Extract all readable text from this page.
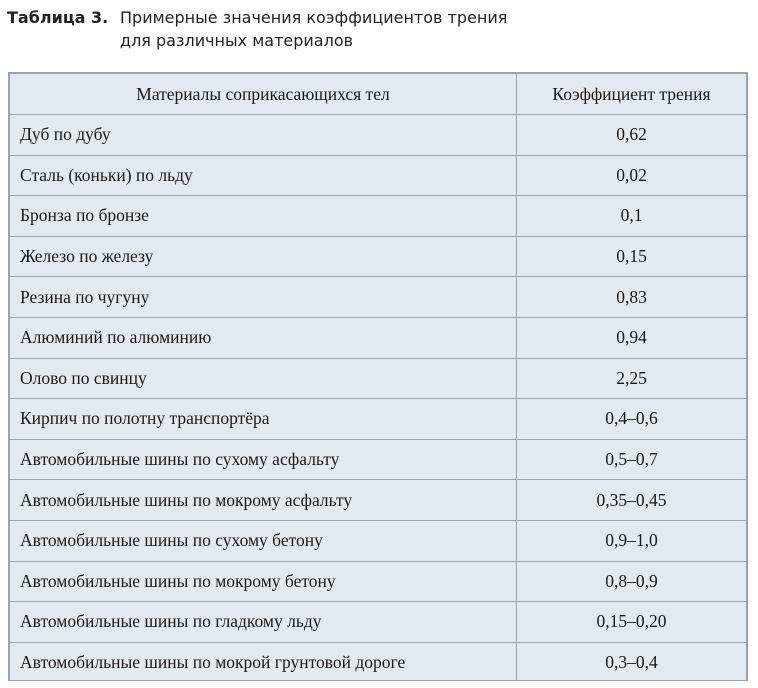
Таблица 3. Примерные значения коэффициентов трения
для различных материалов
Материалы соприкасающихся тел	Коэффициент трения
Дуб по дубу	0,62
Сталь (коньки) по льду	0,02
Бронза по бронзе	0,1
Железо по железу	0,15
Резина по чугуну	0,83
Алюминий по алюминию	0,94
Олово по свинцу	2,25
Кирпич по полотну транспортёра	0,4–0,6
Автомобильные шины по сухому асфальту	0,5–0,7
Автомобильные шины по мокрому асфальту	0,35–0,45
Автомобильные шины по сухому бетону	0,9–1,0
Автомобильные шины по мокрому бетону	0,8–0,9
Автомобильные шины по гладкому льду	0,15–0,20
Автомобильные шины по мокрой грунтовой дороге	0,3–0,4
